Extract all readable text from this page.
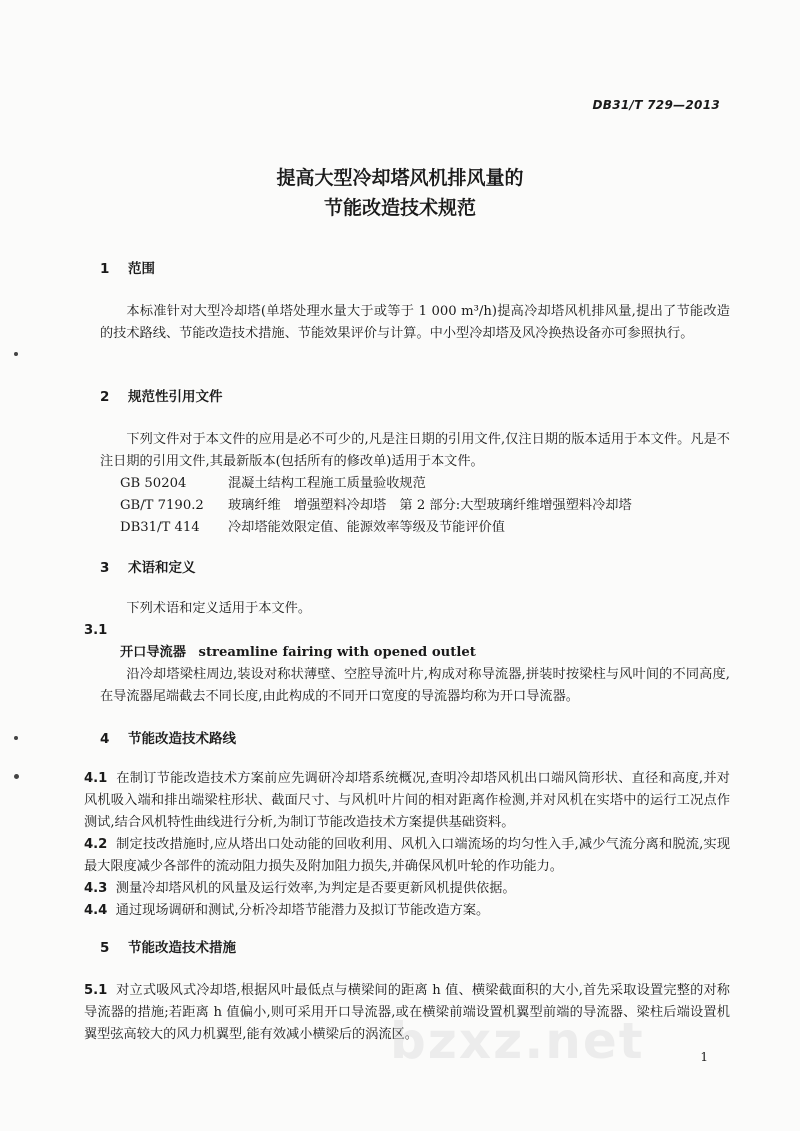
DB31/T 729—2013
提高大型冷却塔风机排风量的
节能改造技术规范
1 范围
本标准针对大型冷却塔(单塔处理水量大于或等于 1 000 m³/h)提高冷却塔风机排风量,提出了节能改造的技术路线、节能改造技术措施、节能效果评价与计算。中小型冷却塔及风冷换热设备亦可参照执行。
2 规范性引用文件
下列文件对于本文件的应用是必不可少的,凡是注日期的引用文件,仅注日期的版本适用于本文件。凡是不注日期的引用文件,其最新版本(包括所有的修改单)适用于本文件。
GB 50204	混凝土结构工程施工质量验收规范
GB/T 7190.2 玻璃纤维　增强塑料冷却塔　第 2 部分:大型玻璃纤维增强塑料冷却塔
DB31/T 414 冷却塔能效限定值、能源效率等级及节能评价值
3 术语和定义
下列术语和定义适用于本文件。
3.1
开口导流器 streamline fairing with opened outlet
沿冷却塔梁柱周边,装设对称状薄壁、空腔导流叶片,构成对称导流器,拼装时按梁柱与风叶间的不同高度,在导流器尾端截去不同长度,由此构成的不同开口宽度的导流器均称为开口导流器。
4 节能改造技术路线
4.1 在制订节能改造技术方案前应先调研冷却塔系统概况,查明冷却塔风机出口端风筒形状、直径和高度,并对风机吸入端和排出端梁柱形状、截面尺寸、与风机叶片间的相对距离作检测,并对风机在实塔中的运行工况点作测试,结合风机特性曲线进行分析,为制订节能改造技术方案提供基础资料。
4.2 制定技改措施时,应从塔出口处动能的回收利用、风机入口端流场的均匀性入手,减少气流分离和脱流,实现最大限度减少各部件的流动阻力损失及附加阻力损失,并确保风机叶轮的作功能力。
4.3 测量冷却塔风机的风量及运行效率,为判定是否要更新风机提供依据。
4.4 通过现场调研和测试,分析冷却塔节能潜力及拟订节能改造方案。
5 节能改造技术措施
5.1 对立式吸风式冷却塔,根据风叶最低点与横梁间的距离 h 值、横梁截面积的大小,首先采取设置完整的对称导流器的措施;若距离 h 值偏小,则可采用开口导流器,或在横梁前端设置机翼型前端的导流器、梁柱后端设置机翼型弦高较大的风力机翼型,能有效减小横梁后的涡流区。
bzxz.net	1
